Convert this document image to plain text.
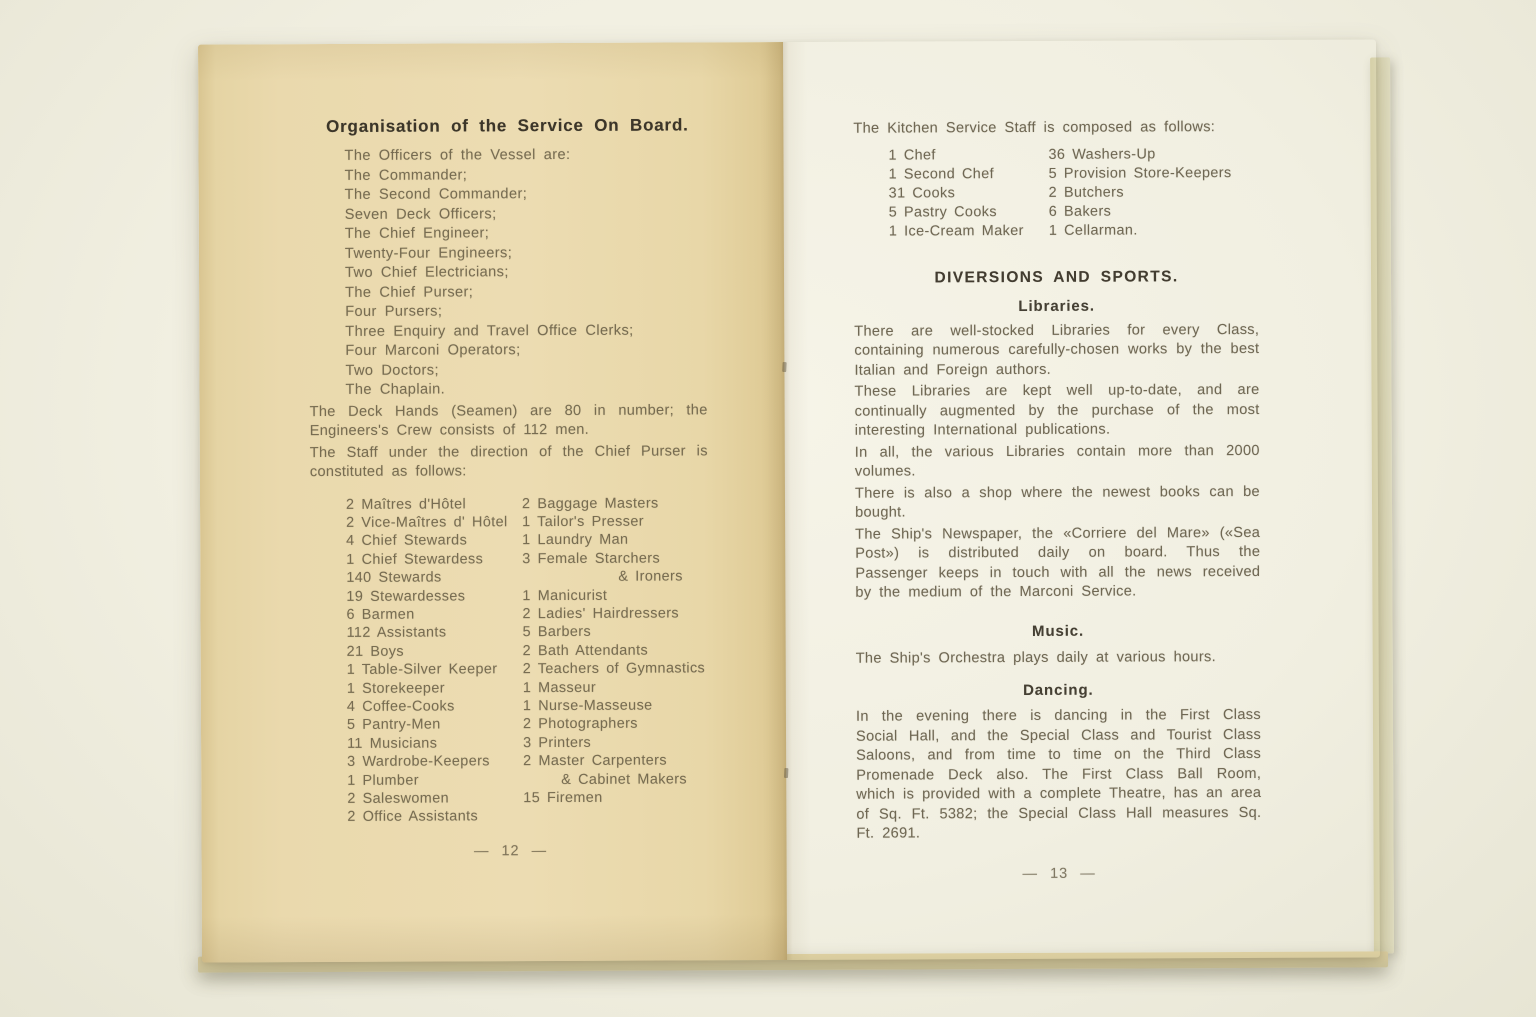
Organisation of the Service On Board.
The Officers of the Vessel are:
The Commander;
The Second Commander;
Seven Deck Officers;
The Chief Engineer;
Twenty-Four Engineers;
Two Chief Electricians;
The Chief Purser;
Four Pursers;
Three Enquiry and Travel Office Clerks;
Four Marconi Operators;
Two Doctors;
The Chaplain.

The Deck Hands (Seamen) are 80 in number; the Engineers's Crew consists of 112 men.

The Staff under the direction of the Chief Purser is constituted as follows:

2 Maîtres d'Hôtel	2 Baggage Masters
2 Vice-Maîtres d' Hôtel 1 Tailor's Presser
4 Chief Stewards	1 Laundry Man
1 Chief Stewardess	3 Female Starchers
140 Stewards	& Ironers
19 Stewardesses	1 Manicurist
6 Barmen	2 Ladies' Hairdressers
112 Assistants	5 Barbers
21 Boys	2 Bath Attendants
1 Table-Silver Keeper	2 Teachers of Gymnastics
1 Storekeeper	1 Masseur
4 Coffee-Cooks	1 Nurse-Masseuse
5 Pantry-Men	2 Photographers
11 Musicians	3 Printers
3 Wardrobe-Keepers	2 Master Carpenters
1 Plumber	& Cabinet Makers
2 Saleswomen	15 Firemen
2 Office Assistants
— 12 —

The Kitchen Service Staff is composed as follows:

1 Chef	36 Washers-Up
1 Second Chef	5 Provision Store-Keepers
31 Cooks	2 Butchers
5 Pastry Cooks	6 Bakers
1 Ice-Cream Maker	1 Cellarman.
DIVERSIONS AND SPORTS.
Libraries.

There are well-stocked Libraries for every Class, containing numerous carefully-chosen works by the best Italian and Foreign authors.

These Libraries are kept well up-to-date, and are continually augmented by the purchase of the most interesting International publications.

In all, the various Libraries contain more than 2000 volumes.

There is also a shop where the newest books can be bought.

The Ship's Newspaper, the «Corriere del Mare» («Sea Post») is distributed daily on board. Thus the Passenger keeps in touch with all the news received by the medium of the Marconi Service.

Music.

The Ship's Orchestra plays daily at various hours.

Dancing.

In the evening there is dancing in the First Class Social Hall, and the Special Class and Tourist Class Saloons, and from time to time on the Third Class Promenade Deck also. The First Class Ball Room, which is provided with a complete Theatre, has an area of Sq. Ft. 5382; the Special Class Hall measures Sq. Ft. 2691.

— 13 —
